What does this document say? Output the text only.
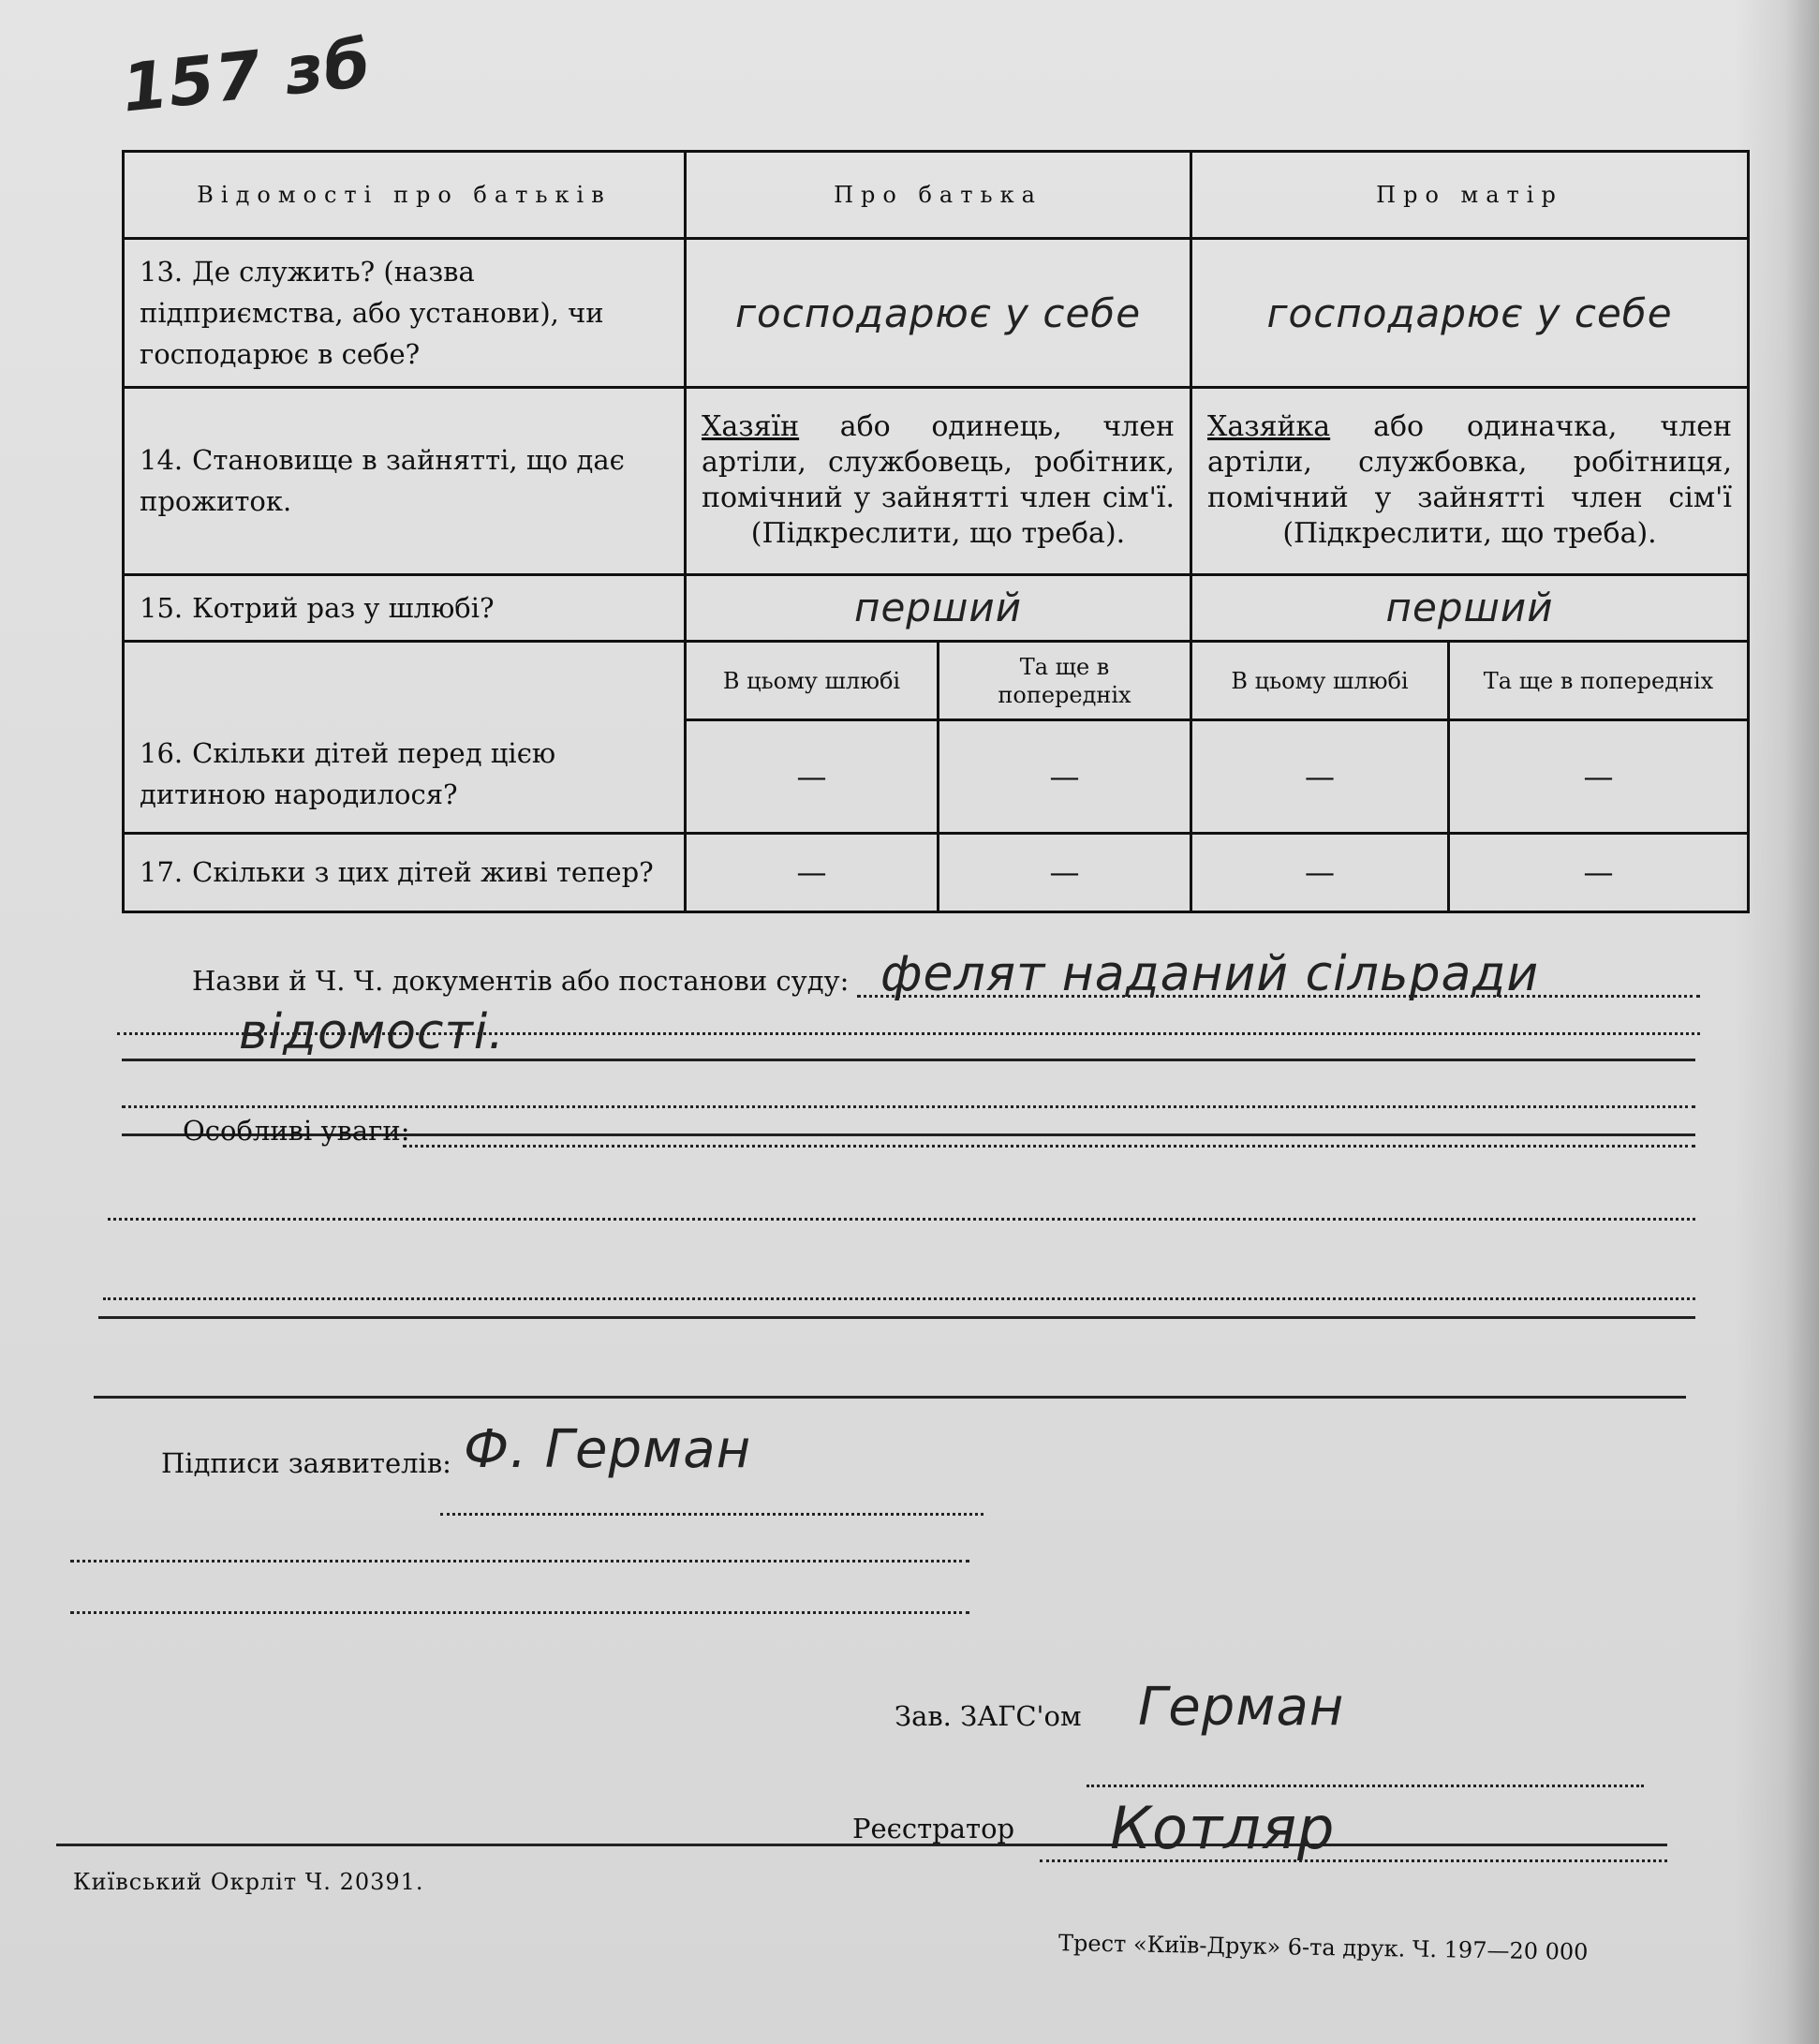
157 зб
Відомості про батьків	Про батька		Про матір	
13. Де служить? (назва підприємства, або установи), чи господарює в себе?	господарює у себе		господарює у себе	
14. Становище в зайнятті, що дає прожиток.	Хазяїн або одинець, член артіли, службовець, робітник, помічний у зайнятті член сім'ї. (Підкреслити, що треба).		Хазяйка або одиначка, член артіли, службовка, робітниця, помічний у зайнятті член сім'ї (Підкреслити, що треба).	
15. Котрий раз у шлюбі?	перший		перший	
16. Скільки дітей перед цією дитиною народилося?	В цьому шлюбі	Та ще в попередніх	В цьому шлюбі	Та ще в попередніх
	—	—	—	—
17. Скільки з цих дітей живі тепер?	—	—	—	—
Назви й Ч. Ч. документів або постанови суду: фелят наданий сільради
відомості.
Особливі уваги:
Підписи заявителів: Ф. Герман
Зав. ЗАГС'ом Герман
Реєстратор Котляр
Київський Окрліт Ч. 20391.
Трест «Київ-Друк» 6-та друк. Ч. 197—20 000
